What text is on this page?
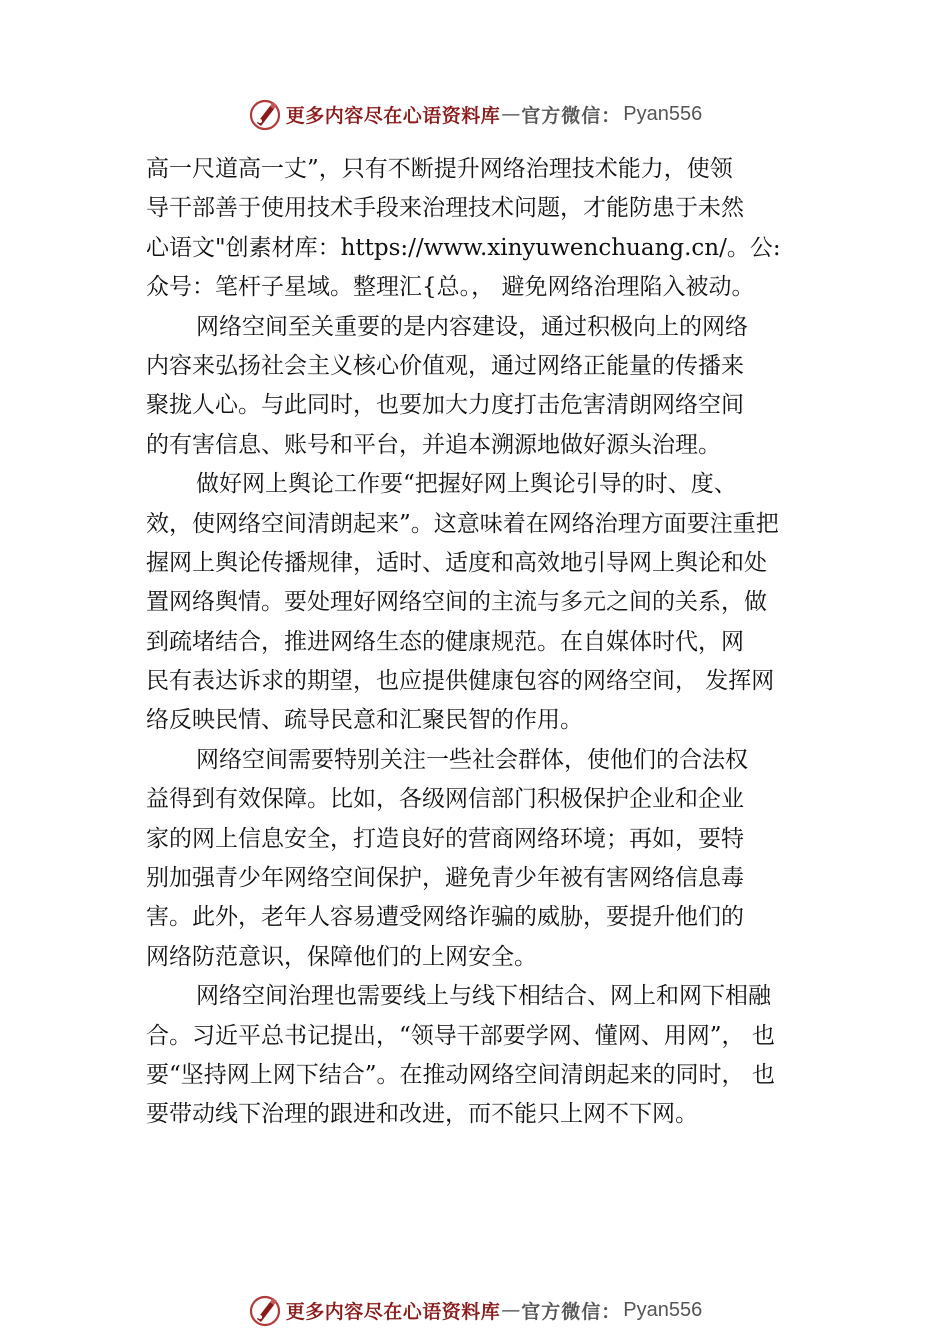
更多内容尽在心语资料库 — 官方微信： Pyan556
高一尺道高一丈”，只有不断提升网络治理技术能力，使领
导干部善于使用技术手段来治理技术问题，才能防患于未然
心语文"创素材库：https://www.xinyuwenchuang.cn/。公:
众号：笔杆子星域。整理汇{总。， 避免网络治理陷入被动。
网络空间至关重要的是内容建设，通过积极向上的网络
内容来弘扬社会主义核心价值观，通过网络正能量的传播来
聚拢人心。与此同时，也要加大力度打击危害清朗网络空间
的有害信息、账号和平台，并追本溯源地做好源头治理。
做好网上舆论工作要“把握好网上舆论引导的时、度、
效，使网络空间清朗起来”。这意味着在网络治理方面要注重把
握网上舆论传播规律，适时、适度和高效地引导网上舆论和处
置网络舆情。要处理好网络空间的主流与多元之间的关系，做
到疏堵结合，推进网络生态的健康规范。在自媒体时代，网
民有表达诉求的期望，也应提供健康包容的网络空间， 发挥网
络反映民情、疏导民意和汇聚民智的作用。
网络空间需要特别关注一些社会群体，使他们的合法权
益得到有效保障。比如，各级网信部门积极保护企业和企业
家的网上信息安全，打造良好的营商网络环境；再如，要特
别加强青少年网络空间保护，避免青少年被有害网络信息毒
害。此外，老年人容易遭受网络诈骗的威胁，要提升他们的
网络防范意识，保障他们的上网安全。
网络空间治理也需要线上与线下相结合、网上和网下相融
合。习近平总书记提出，“领导干部要学网、懂网、用网”， 也
要“坚持网上网下结合”。在推动网络空间清朗起来的同时， 也
要带动线下治理的跟进和改进，而不能只上网不下网。
更多内容尽在心语资料库 — 官方微信： Pyan556
